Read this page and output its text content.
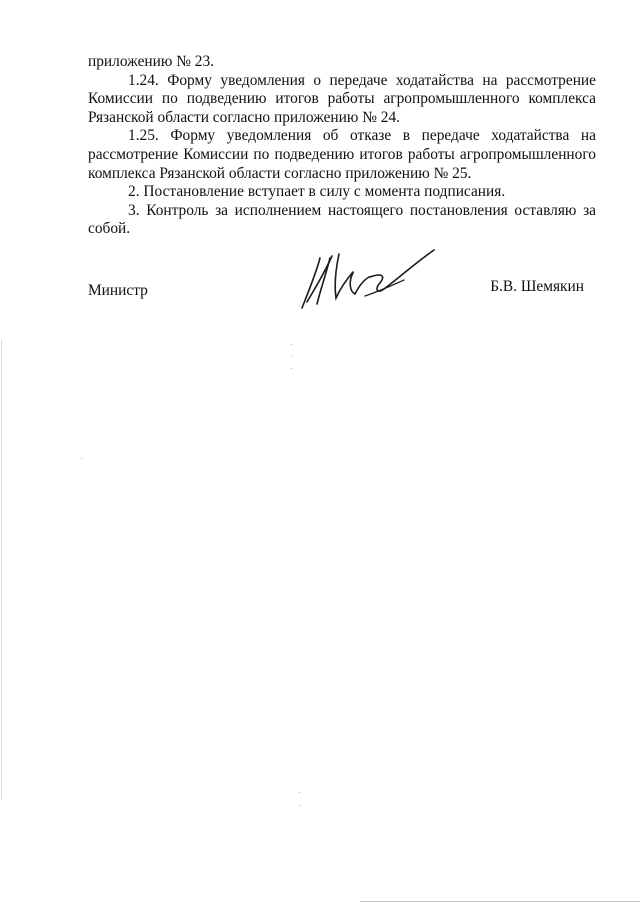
приложению № 23.

1.24. Форму уведомления о передаче ходатайства на рассмотрение Комиссии по подведению итогов работы агропромышленного комплекса Рязанской области согласно приложению № 24.

1.25. Форму уведомления об отказе в передаче ходатайства на рассмотрение Комиссии по подведению итогов работы агропромышленного комплекса Рязанской области согласно приложению № 25.

2. Постановление вступает в силу с момента подписания.

3. Контроль за исполнением настоящего постановления оставляю за собой.

Министр	Б.В. Шемякин
